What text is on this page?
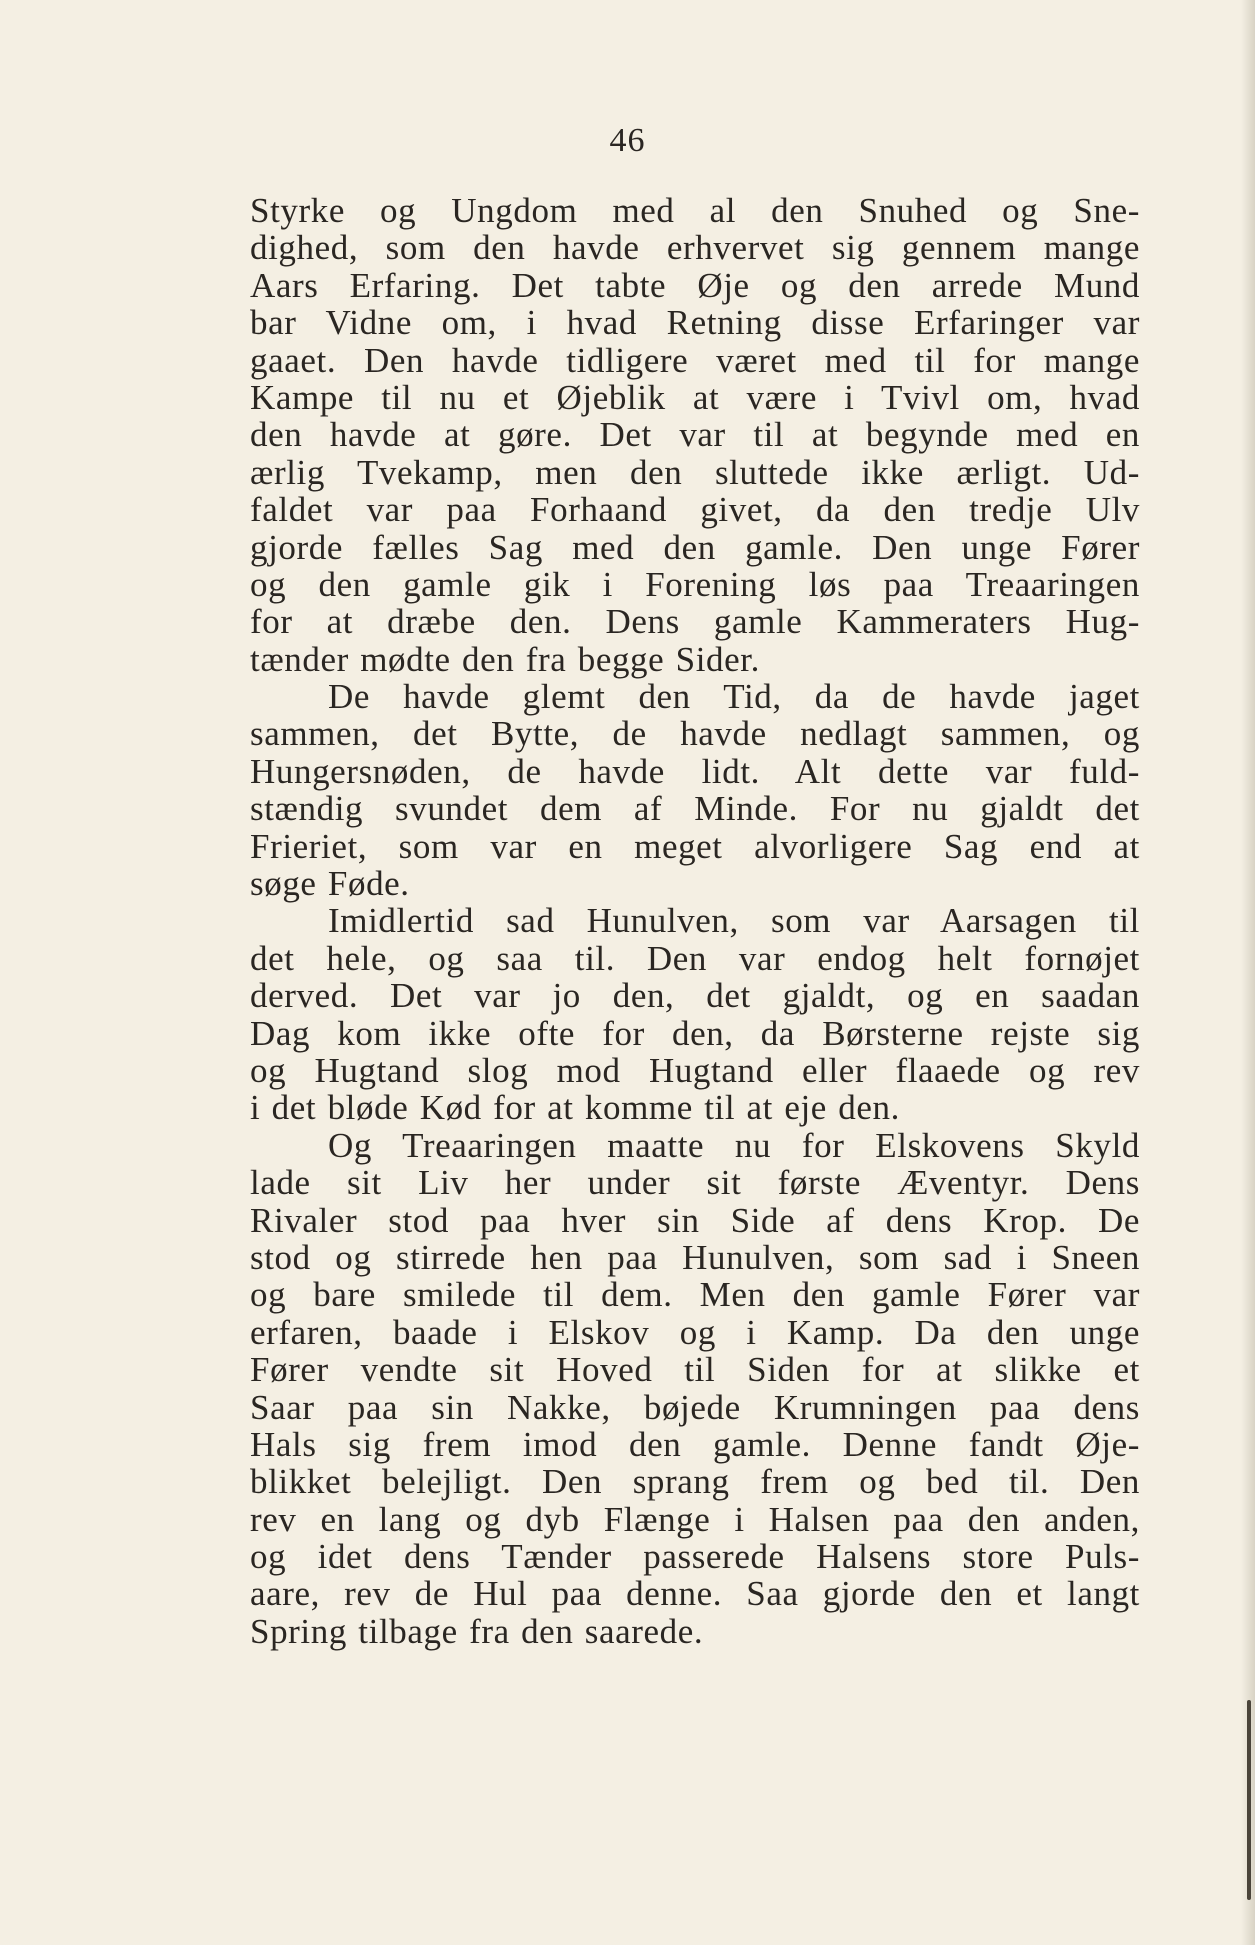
46
Styrke og Ungdom med al den Snuhed og Sne-
dighed, som den havde erhvervet sig gennem mange
Aars Erfaring. Det tabte Øje og den arrede Mund
bar Vidne om, i hvad Retning disse Erfaringer var
gaaet. Den havde tidligere været med til for mange
Kampe til nu et Øjeblik at være i Tvivl om, hvad
den havde at gøre. Det var til at begynde med en
ærlig Tvekamp, men den sluttede ikke ærligt. Ud-
faldet var paa Forhaand givet, da den tredje Ulv
gjorde fælles Sag med den gamle. Den unge Fører
og den gamle gik i Forening løs paa Treaaringen
for at dræbe den. Dens gamle Kammeraters Hug-
tænder mødte den fra begge Sider.
De havde glemt den Tid, da de havde jaget
sammen, det Bytte, de havde nedlagt sammen, og
Hungersnøden, de havde lidt. Alt dette var fuld-
stændig svundet dem af Minde. For nu gjaldt det
Frieriet, som var en meget alvorligere Sag end at
søge Føde.
Imidlertid sad Hunulven, som var Aarsagen til
det hele, og saa til. Den var endog helt fornøjet
derved. Det var jo den, det gjaldt, og en saadan
Dag kom ikke ofte for den, da Børsterne rejste sig
og Hugtand slog mod Hugtand eller flaaede og rev
i det bløde Kød for at komme til at eje den.
Og Treaaringen maatte nu for Elskovens Skyld
lade sit Liv her under sit første Æventyr. Dens
Rivaler stod paa hver sin Side af dens Krop. De
stod og stirrede hen paa Hunulven, som sad i Sneen
og bare smilede til dem. Men den gamle Fører var
erfaren, baade i Elskov og i Kamp. Da den unge
Fører vendte sit Hoved til Siden for at slikke et
Saar paa sin Nakke, bøjede Krumningen paa dens
Hals sig frem imod den gamle. Denne fandt Øje-
blikket belejligt. Den sprang frem og bed til. Den
rev en lang og dyb Flænge i Halsen paa den anden,
og idet dens Tænder passerede Halsens store Puls-
aare, rev de Hul paa denne. Saa gjorde den et langt
Spring tilbage fra den saarede.
